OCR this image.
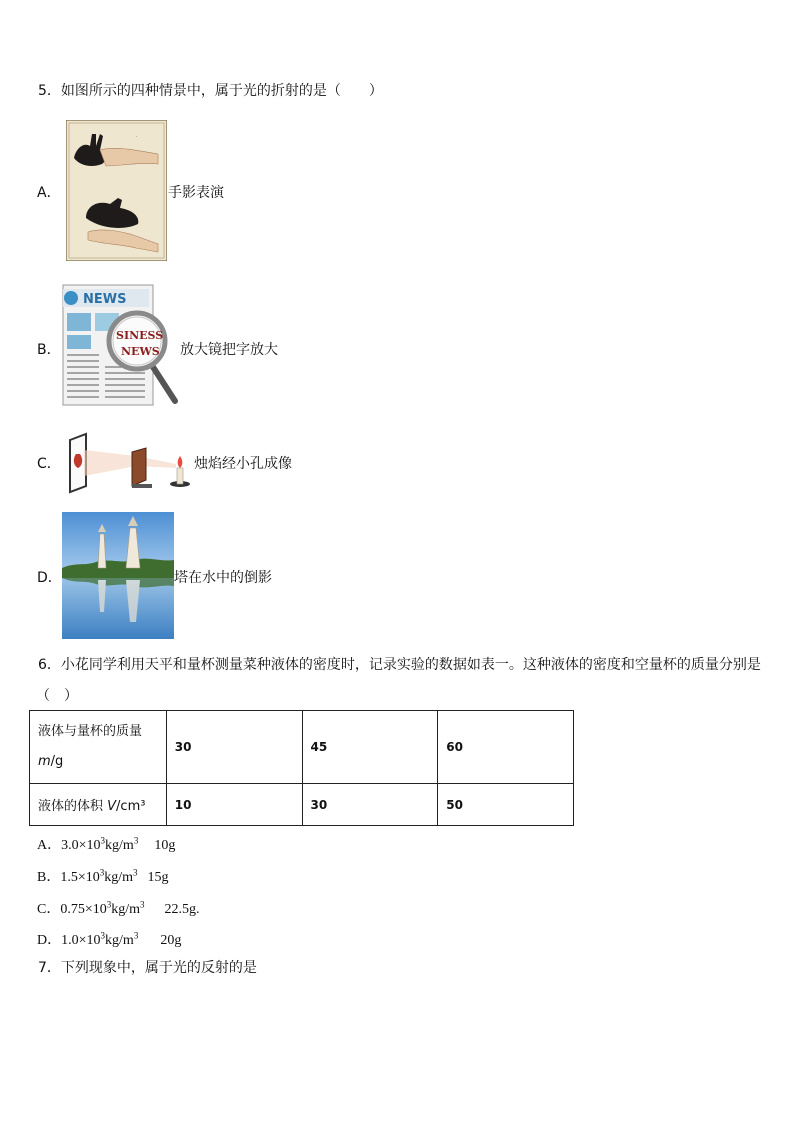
5．如图所示的四种情景中，属于光的折射的是（　　）
A．
·
手影表演
B．
NEWS
SINESS
NEWS 放大镜把字放大
C．	烛焰经小孔成像
D．	塔在水中的倒影
6．小花同学利用天平和量杯测量菜种液体的密度时，记录实验的数据如表一。这种液体的密度和空量杯的质量分别是
（　）
液体与量杯的质量
m/g	30	45	60
液体的体积 V/cm³	10	30	50
A．$3.0\times 10^3kg/m^3$ 10g
B．$1.5\times 10^3kg/m^3$ 15g
C．$0.75\times 10^3kg/m^3$ 22.5g.
D．$1.0\times 10^3kg/m^3$ 20g
7．下列现象中，属于光的反射的是
